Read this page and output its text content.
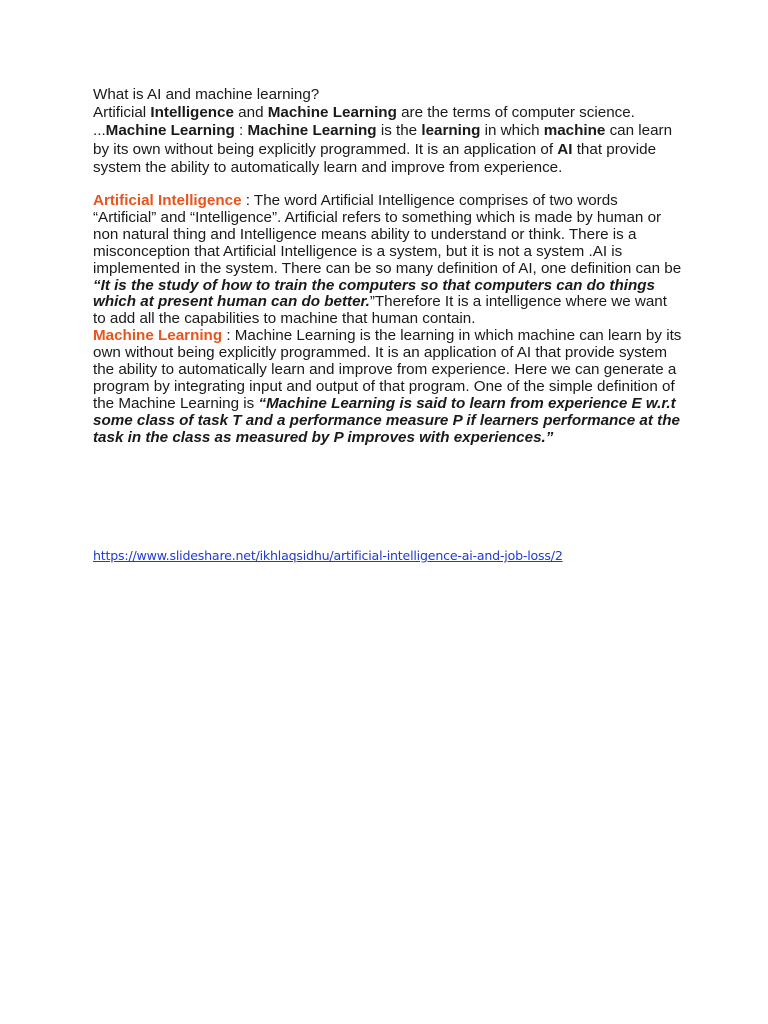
What is AI and machine learning?

Artificial Intelligence and Machine Learning are the terms of computer science.

...Machine Learning : Machine Learning is the learning in which machine can learn by its own without being explicitly programmed. It is an application of AI that provide system the ability to automatically learn and improve from experience.

Artificial Intelligence : The word Artificial Intelligence comprises of two words “Artificial” and “Intelligence”. Artificial refers to something which is made by human or non natural thing and Intelligence means ability to understand or think. There is a misconception that Artificial Intelligence is a system, but it is not a system .AI is implemented in the system. There can be so many definition of AI, one definition can be “It is the study of how to train the computers so that computers can do things which at present human can do better.”Therefore It is a intelligence where we want to add all the capabilities to machine that human contain.

Machine Learning : Machine Learning is the learning in which machine can learn by its own without being explicitly programmed. It is an application of AI that provide system the ability to automatically learn and improve from experience. Here we can generate a program by integrating input and output of that program. One of the simple definition of the Machine Learning is “Machine Learning is said to learn from experience E w.r.t some class of task T and a performance measure P if learners performance at the task in the class as measured by P improves with experiences.”

https://www.slideshare.net/ikhlaqsidhu/artificial-intelligence-ai-and-job-loss/2
